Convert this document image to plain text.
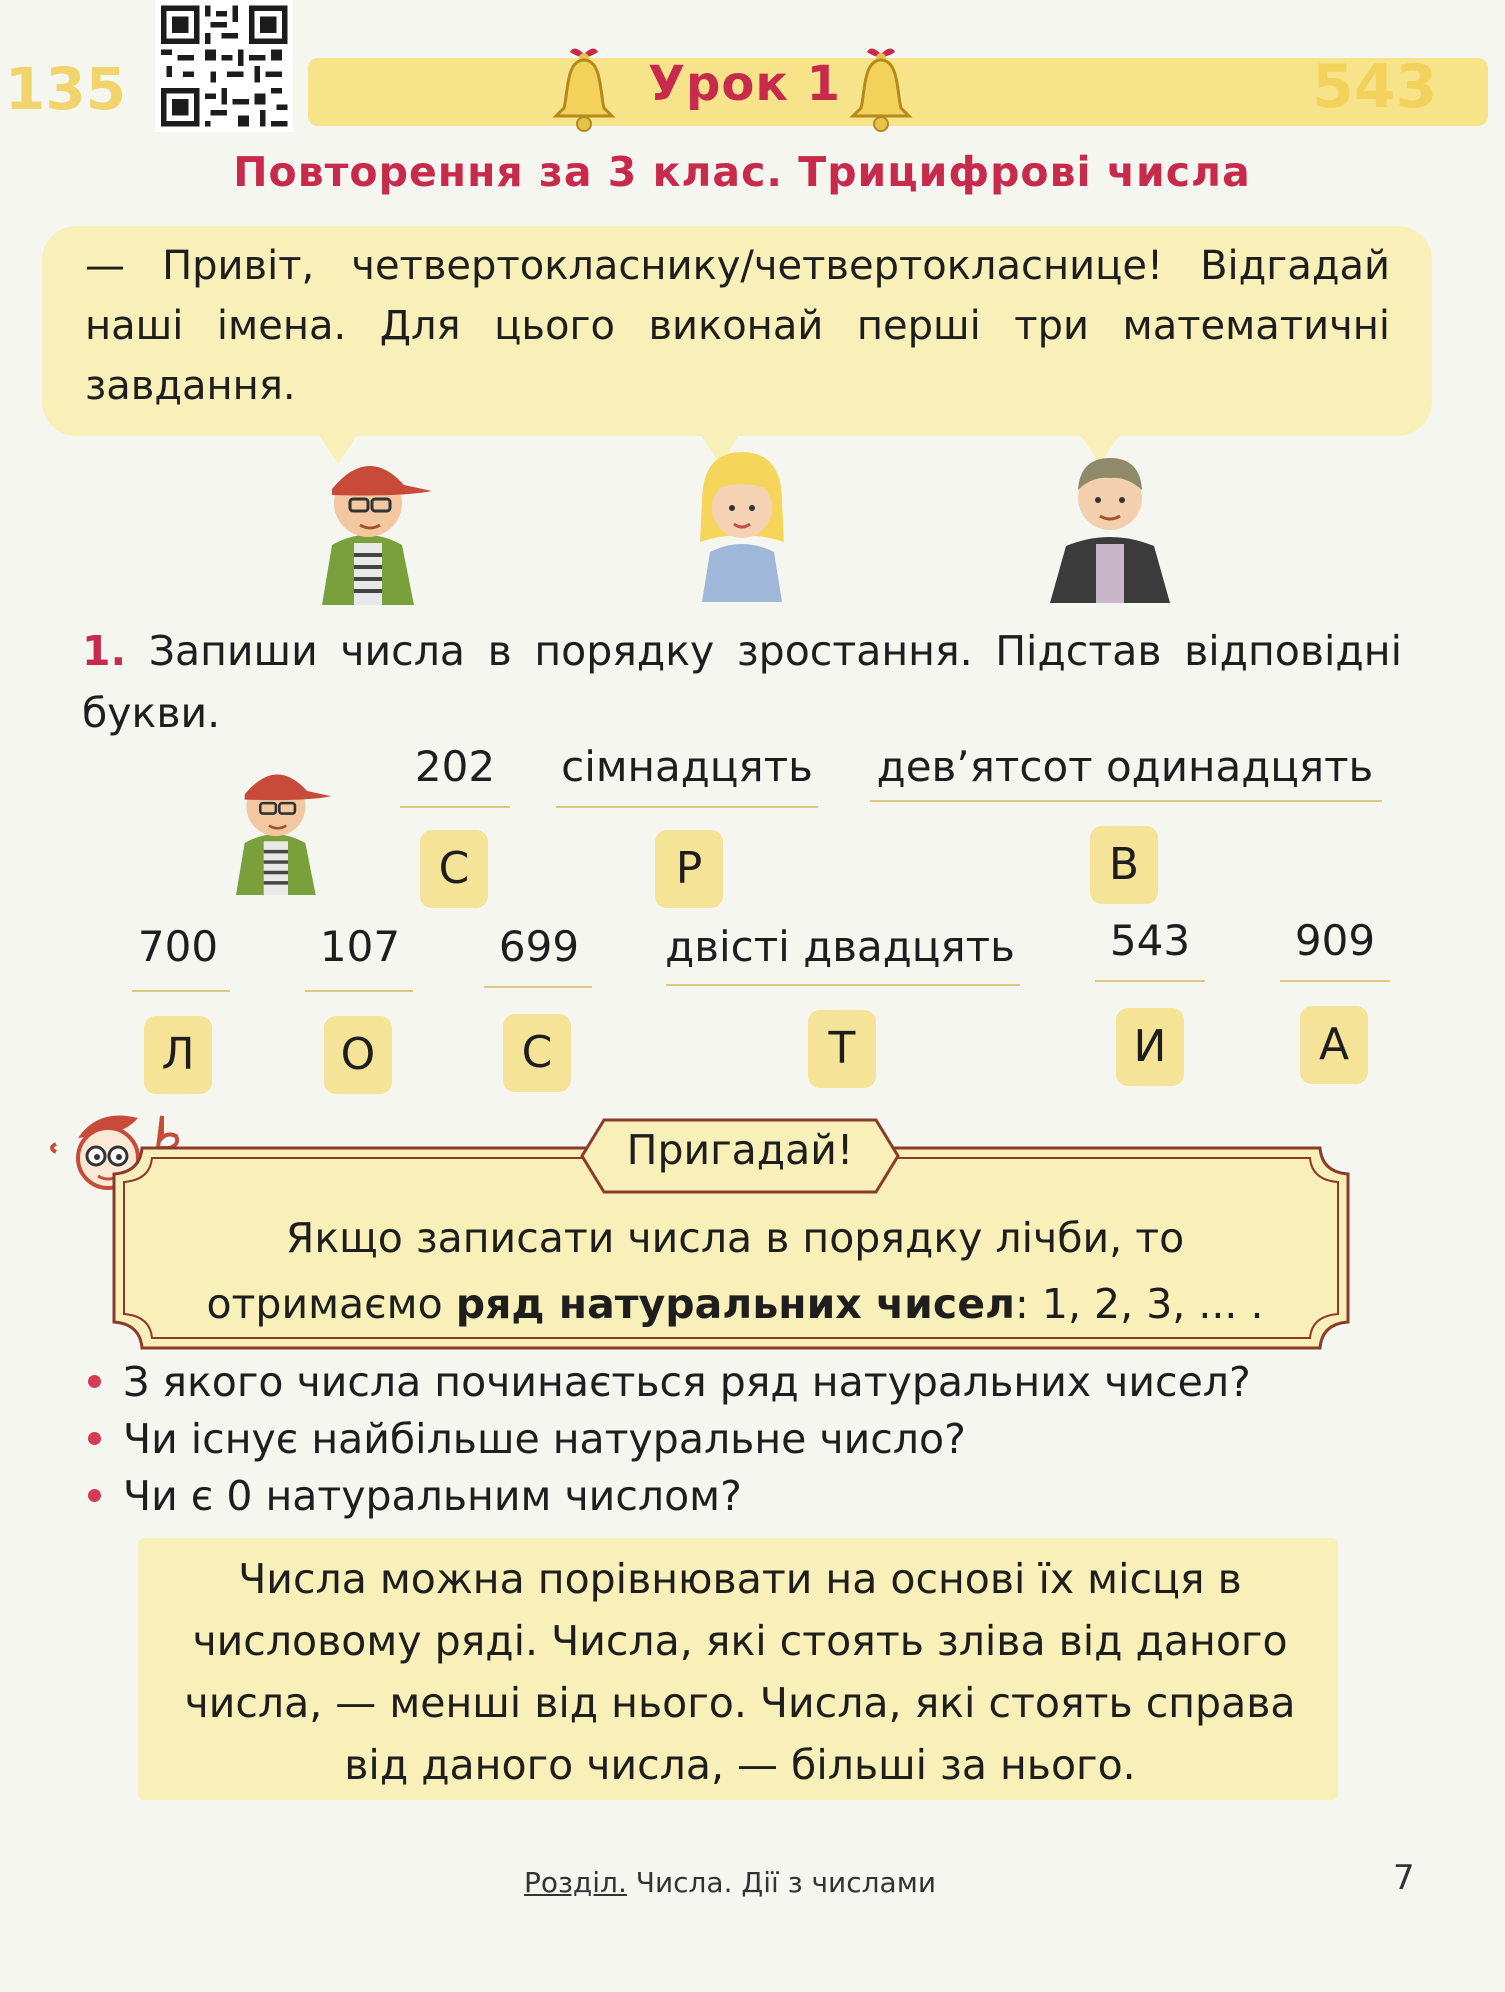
135	543
Урок 1
Повторення за 3 клас. Трицифрові числа
— Привіт, четвертокласнику/четвертокласнице! Відгадай наші імена. Для цього виконай перші три математичні завдання.
1. Запиши числа в порядку зростання. Підстав відповідні букви.
202
С
сімнадцять
Р
дев’ятсот одинадцять
В
700
Л
107
О
699
С
двісті двадцять
Т
543
И
909
А
Пригадай!
Якщо записати числа в порядку лічби, то
отримаємо ряд натуральних чисел: 1, 2, 3, ... .
З якого числа починається ряд натуральних чисел?
Чи існує найбільше натуральне число?
Чи є 0 натуральним числом?
Числа можна порівнювати на основі їх місця в числовому ряді. Числа, які стоять зліва від даного числа, — менші від нього. Числа, які стоять справа від даного числа, — більші за нього.
Розділ. Числа. Дії з числами	7
